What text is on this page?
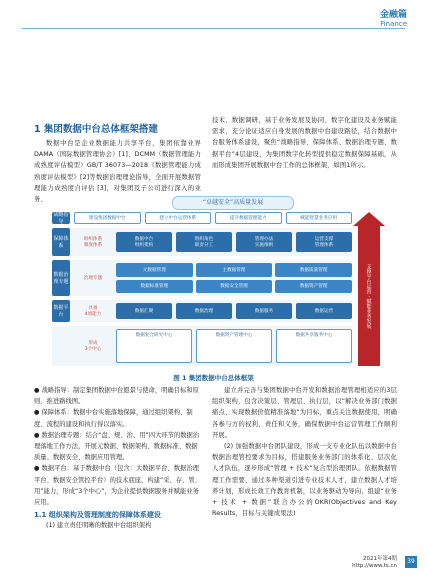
金融篇
Finance
1 集团数据中台总体框架搭建
数据中台是企业数据能力共享平台，集团依靠业界 DAMA（国际数据管理协会）[1]、DCMM（数据管理能力成熟度评估模型）GB/T 36073—2018《数据管理能力成熟度评估模型》[2]等数据治理理论指导，全面开展数据管理能力成熟度自评估 [3]，对集团及子公司进行深入的业务、
技术、数据调研，基于业务发展及协同、数字化建设及业务赋能需求，充分论证适应自身发展的数据中台建设路径，结合数据中台服务体系建设，聚焦“战略指导、保障体系、数据治理专题、数据平台”4层建设，为集团数字化转型提供稳定数据保障基础，从而形成集团开展数据中台工作的总体框架，如图1所示。
“卓越安全”高质量发展
战略指导
建设集团数据中台	建立中台运营体系	提升数据管理能力	赋能智慧业务应用
保障体系
组织体系
制度体系
数据中台
组织架构
组织角色
职责分工
管理办法
实施细则
运营支撑
管理体系
数据治理专题
治理专题
元数据管理	主数据管理	数据质量管理
数据标准管理	数据安全管理	数据资产管理
数据平台
具备
4项能力
数据汇聚	数据治理	数据服务	数据运营
形成
3个中心
数据复合研究中心	数据资产管理中心	数据共享服务中心
支撑平台运营 · 赋能业务发展
图 1 集团数据中台总体框架
● 战略指导：制定集团数据中台愿景与使命，明确目标和原则，推进路线图。
● 保障体系：数据中台实施落地保障，通过组织架构、制度、流程的建设和执行得以落实。
● 数据治理专题：结合“盘、规、治、用”四大环节的数据治理落地工作方法，开展元数据、数据架构、数据标准、数据质量、数据安全、数据应用管理。
● 数据平台：基于数据中台（包含：大数据平台、数据治理平台、数据安全管控平台）的技术底座，构建“采、存、管、用”能力，形成“3个中心”，为企业提供数据服务并赋能业务应用。
1.1 组织架构及管理制度的保障体系建设
(1) 建立责任明晰的数据中台组织架构
建立并完善与集团数据中台开发和数据治理管理相适应的3层组织架构，包含决策层、管理层、执行层，以“解决业务部门数据痛点、实现数据价值精准落地”为目标，重点关注数据使用，明确各参与方的权利、责任和义务，确保数据中台运营管理工作顺利开展。
(2) 加强数据中台团队建设，形成一支专业化队伍以数据中台数据治理管控要求为目标，搭建服务业务部门的体系化、层次化人才队伍，逐步形成“管理 + 技术”复合型治理团队。依据数据管理工作需要，通过多种渠道引进专业技术人才，建立数据人才培养计划，形成长效工作教育机制，以业务驱动为导向，组建“业务 + 技术 + 数据”联合办公的OKR(Objectives and Key Results，目标与关键成果法)
2021年第4期
http://www.ts.cn
39
